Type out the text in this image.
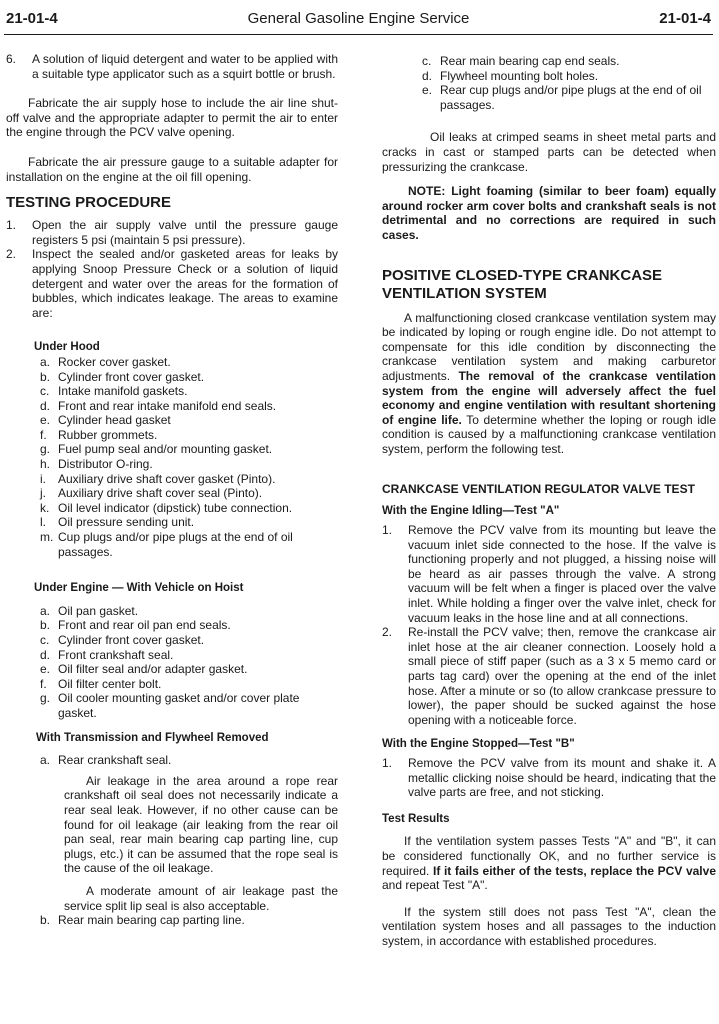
21-01-4	General Gasoline Engine Service	21-01-4
6.	A solution of liquid detergent and water to be applied with a suitable type applicator such as a squirt bottle or brush.

Fabricate the air supply hose to include the air line shut-off valve and the appropriate adapter to permit the air to enter the engine through the PCV valve opening.

Fabricate the air pressure gauge to a suitable adapter for installation on the engine at the oil fill opening.

TESTING PROCEDURE
1.	Open the air supply valve until the pressure gauge registers 5 psi (maintain 5 psi pressure).
2.	Inspect the sealed and/or gasketed areas for leaks by applying Snoop Pressure Check or a solution of liquid detergent and water over the areas for the formation of bubbles, which indicates leakage. The areas to examine are:
Under Hood
a. Rocker cover gasket.
b. Cylinder front cover gasket.
c. Intake manifold gaskets.
d. Front and rear intake manifold end seals.
e. Cylinder head gasket
f. Rubber grommets.
g. Fuel pump seal and/or mounting gasket.
h. Distributor O-ring.
i.	Auxiliary drive shaft cover gasket (Pinto).
j.	Auxiliary drive shaft cover seal (Pinto).
k. Oil level indicator (dipstick) tube connection.
l.	Oil pressure sending unit.
m. Cup plugs and/or pipe plugs at the end of oil passages.
Under Engine — With Vehicle on Hoist
a. Oil pan gasket.
b. Front and rear oil pan end seals.
c. Cylinder front cover gasket.
d. Front crankshaft seal.
e. Oil filter seal and/or adapter gasket.
f. Oil filter center bolt.
g. Oil cooler mounting gasket and/or cover plate gasket.
With Transmission and Flywheel Removed
a. Rear crankshaft seal.

Air leakage in the area around a rope rear crankshaft oil seal does not necessarily indicate a rear seal leak. However, if no other cause can be found for oil leakage (air leaking from the rear oil pan seal, rear main bearing cap parting line, cup plugs, etc.) it can be assumed that the rope seal is the cause of the oil leakage.

A moderate amount of air leakage past the service split lip seal is also acceptable.

b. Rear main bearing cap parting line.
c. Rear main bearing cap end seals.
d. Flywheel mounting bolt holes.
e. Rear cup plugs and/or pipe plugs at the end of oil passages.

Oil leaks at crimped seams in sheet metal parts and cracks in cast or stamped parts can be detected when pressurizing the crankcase.

NOTE: Light foaming (similar to beer foam) equally around rocker arm cover bolts and crankshaft seals is not detrimental and no corrections are required in such cases.

POSITIVE CLOSED-TYPE CRANKCASE VENTILATION SYSTEM

A malfunctioning closed crankcase ventilation system may be indicated by loping or rough engine idle. Do not attempt to compensate for this idle condition by disconnecting the crankcase ventilation system and making carburetor adjustments. The removal of the crankcase ventilation system from the engine will adversely affect the fuel economy and engine ventilation with resultant shortening of engine life. To determine whether the loping or rough idle condition is caused by a malfunctioning crankcase ventilation system, perform the following test.

CRANKCASE VENTILATION REGULATOR VALVE TEST
With the Engine Idling—Test "A"
1.	Remove the PCV valve from its mounting but leave the vacuum inlet side connected to the hose. If the valve is functioning properly and not plugged, a hissing noise will be heard as air passes through the valve. A strong vacuum will be felt when a finger is placed over the valve inlet. While holding a finger over the valve inlet, check for vacuum leaks in the hose line and at all connections.
2.	Re-install the PCV valve; then, remove the crankcase air inlet hose at the air cleaner connection. Loosely hold a small piece of stiff paper (such as a 3 x 5 memo card or parts tag card) over the opening at the end of the inlet hose. After a minute or so (to allow crankcase pressure to lower), the paper should be sucked against the hose opening with a noticeable force.
With the Engine Stopped—Test "B"
1.	Remove the PCV valve from its mount and shake it. A metallic clicking noise should be heard, indicating that the valve parts are free, and not sticking.
Test Results

If the ventilation system passes Tests "A" and "B", it can be considered functionally OK, and no further service is required. If it fails either of the tests, replace the PCV valve and repeat Test "A".

If the system still does not pass Test "A", clean the ventilation system hoses and all passages to the induction system, in accordance with established procedures.
